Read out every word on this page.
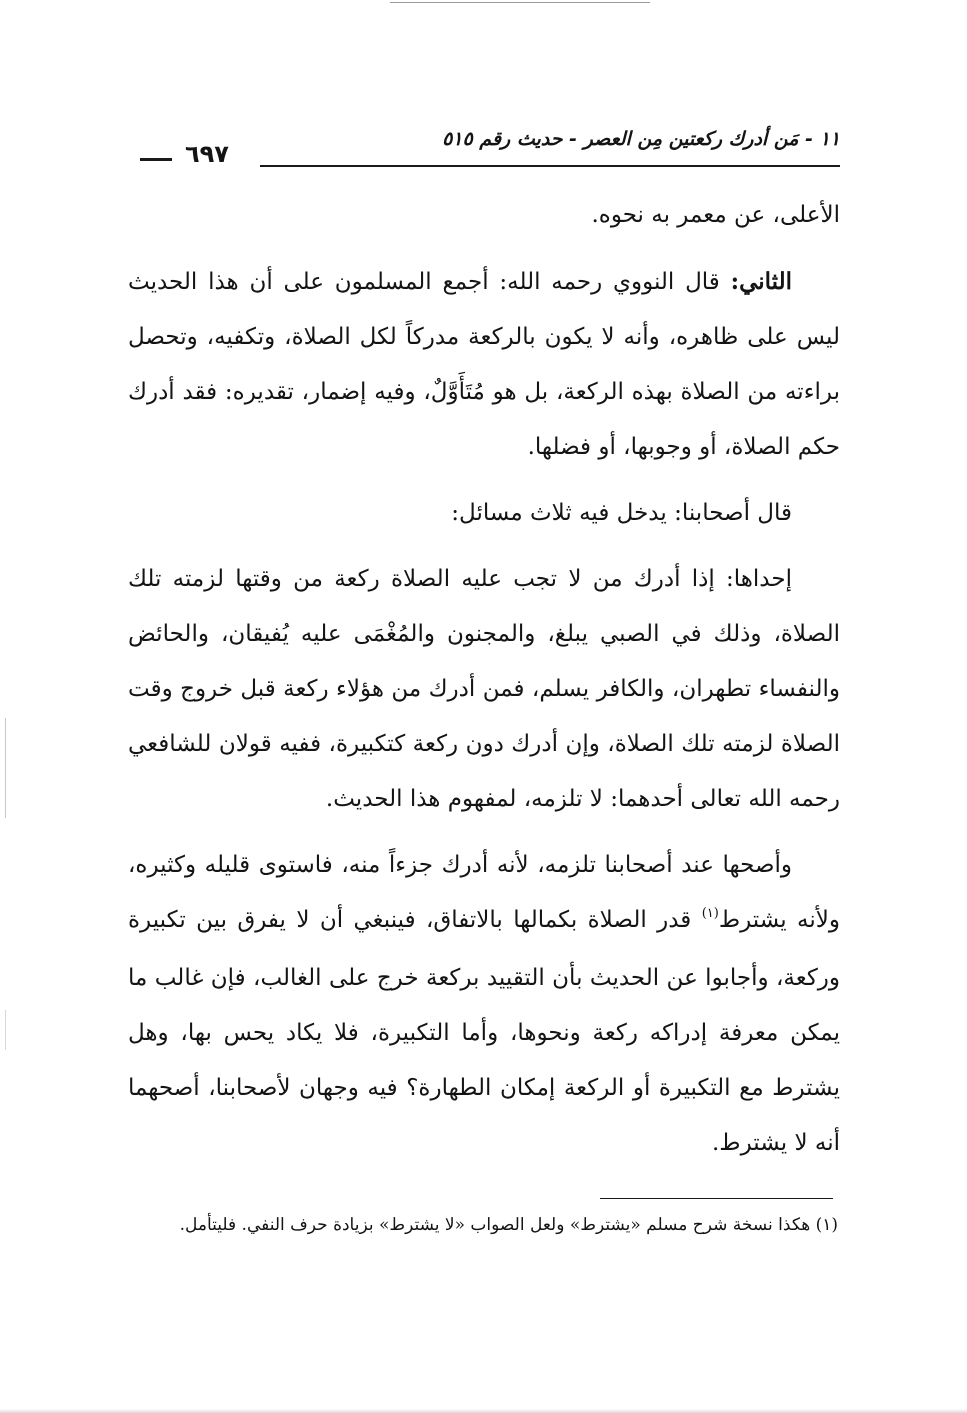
١١ - مَن أدرك ركعتين مِن العصر - حديث رقم ٥١٥
٦٩٧

الأعلى، عن معمر به نحوه.

الثاني: قال النووي رحمه الله: أجمع المسلمون على أن هذا الحديث ليس على ظاهره، وأنه لا يكون بالركعة مدركاً لكل الصلاة، وتكفيه، وتحصل براءته من الصلاة بهذه الركعة، بل هو مُتَأَوَّلٌ، وفيه إضمار، تقديره: فقد أدرك حكم الصلاة، أو وجوبها، أو فضلها.

قال أصحابنا: يدخل فيه ثلاث مسائل:

إحداها: إذا أدرك من لا تجب عليه الصلاة ركعة من وقتها لزمته تلك الصلاة، وذلك في الصبي يبلغ، والمجنون والمُغْمَى عليه يُفيقان، والحائض والنفساء تطهران، والكافر يسلم، فمن أدرك من هؤلاء ركعة قبل خروج وقت الصلاة لزمته تلك الصلاة، وإن أدرك دون ركعة كتكبيرة، ففيه قولان للشافعي رحمه الله تعالى أحدهما: لا تلزمه، لمفهوم هذا الحديث.

وأصحها عند أصحابنا تلزمه، لأنه أدرك جزءاً منه، فاستوى قليله وكثيره، ولأنه يشترط$^{(١)}$ قدر الصلاة بكمالها بالاتفاق، فينبغي أن لا يفرق بين تكبيرة وركعة، وأجابوا عن الحديث بأن التقييد بركعة خرج على الغالب، فإن غالب ما يمكن معرفة إدراكه ركعة ونحوها، وأما التكبيرة، فلا يكاد يحس بها، وهل يشترط مع التكبيرة أو الركعة إمكان الطهارة؟ فيه وجهان لأصحابنا، أصحهما أنه لا يشترط.

(١) هكذا نسخة شرح مسلم «يشترط» ولعل الصواب «لا يشترط» بزيادة حرف النفي. فليتأمل.
